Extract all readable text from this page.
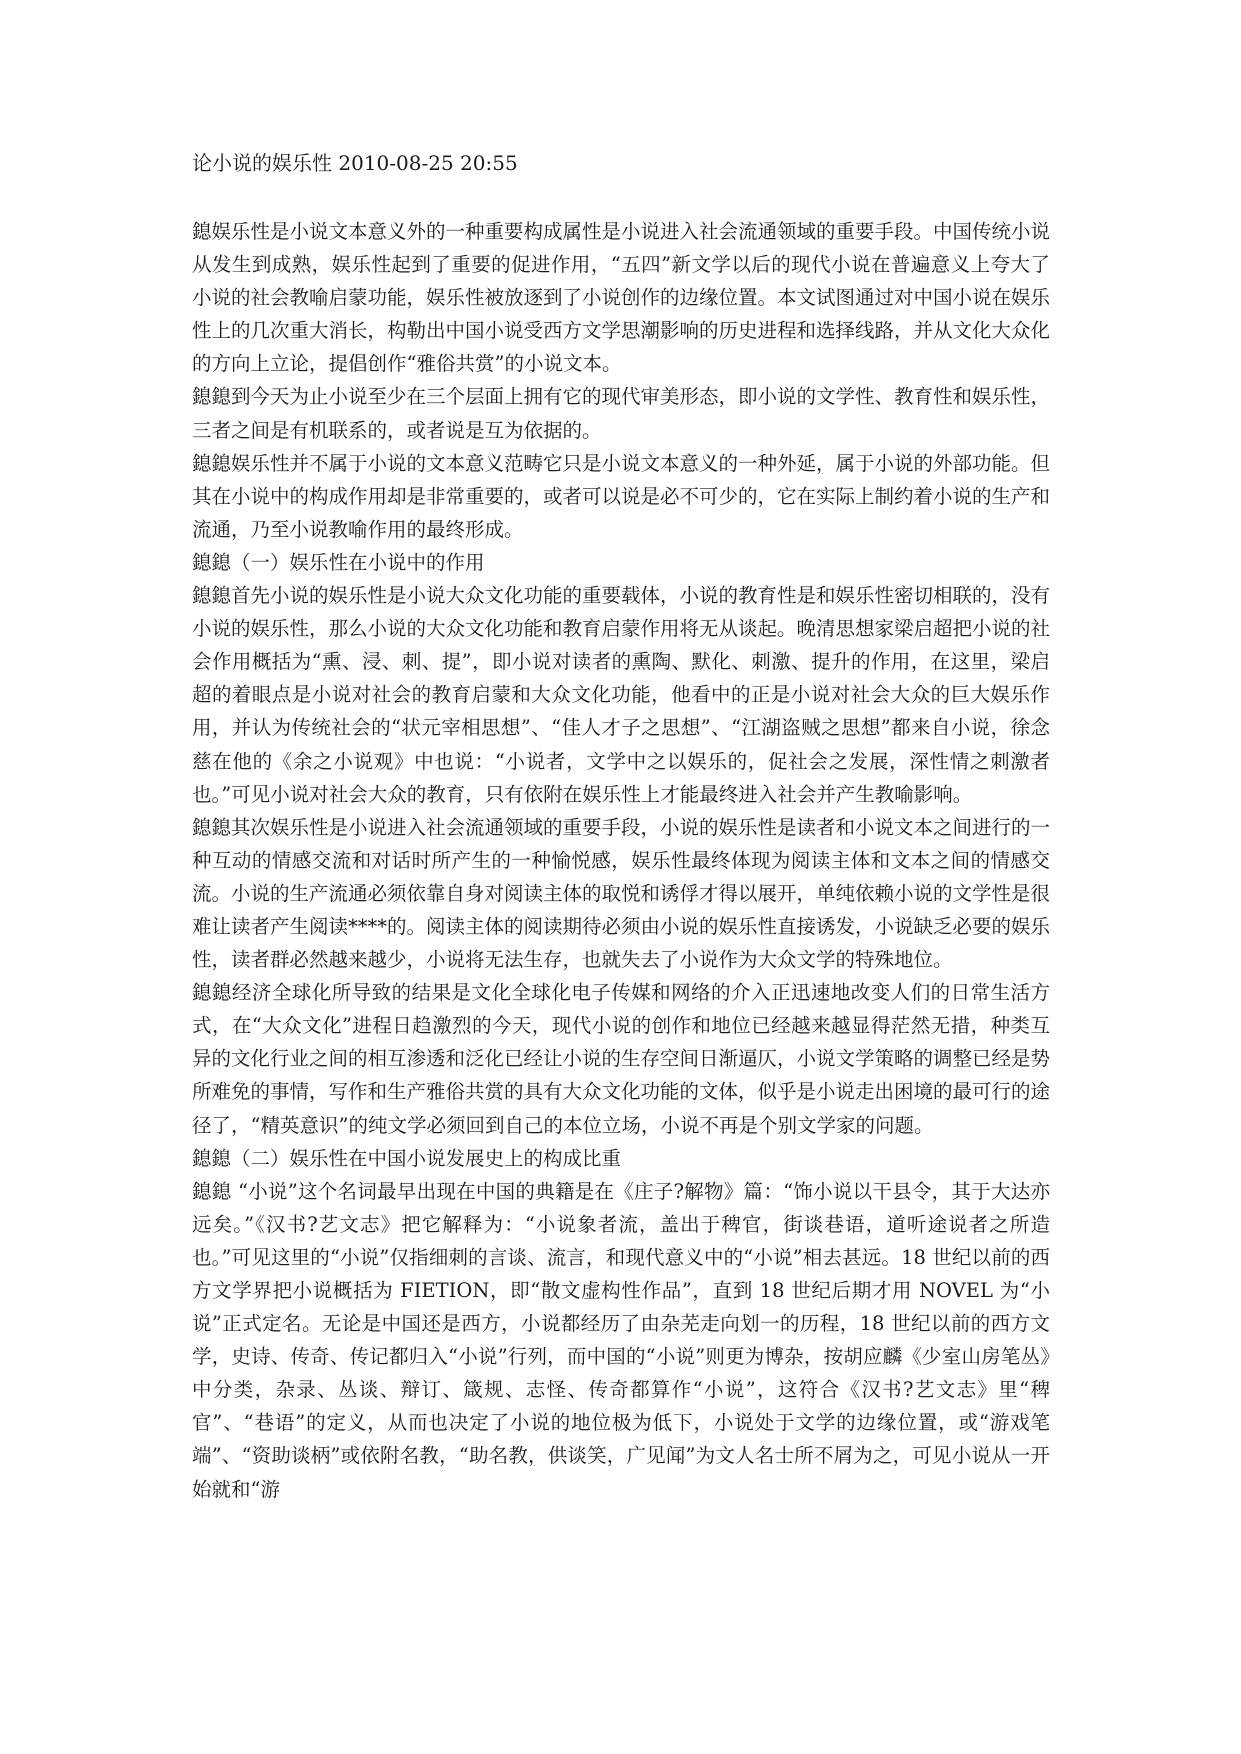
论小说的娱乐性 2010-08-25 20:55

鎴娱乐性是小说文本意义外的一种重要构成属性是小说进入社会流通领域的重要手段。中国传统小说从发生到成熟，娱乐性起到了重要的促进作用，“五四”新文学以后的现代小说在普遍意义上夸大了小说的社会教喻启蒙功能，娱乐性被放逐到了小说创作的边缘位置。本文试图通过对中国小说在娱乐性上的几次重大消长，构勒出中国小说受西方文学思潮影响的历史进程和选择线路，并从文化大众化的方向上立论，提倡创作“雅俗共赏”的小说文本。

鎴鎴到今天为止小说至少在三个层面上拥有它的现代审美形态，即小说的文学性、教育性和娱乐性，三者之间是有机联系的，或者说是互为依据的。

鎴鎴娱乐性并不属于小说的文本意义范畴它只是小说文本意义的一种外延，属于小说的外部功能。但其在小说中的构成作用却是非常重要的，或者可以说是必不可少的，它在实际上制约着小说的生产和流通，乃至小说教喻作用的最终形成。

鎴鎴（一）娱乐性在小说中的作用

鎴鎴首先小说的娱乐性是小说大众文化功能的重要载体，小说的教育性是和娱乐性密切相联的，没有小说的娱乐性，那么小说的大众文化功能和教育启蒙作用将无从谈起。晚清思想家梁启超把小说的社会作用概括为“熏、浸、刺、提”，即小说对读者的熏陶、默化、刺激、提升的作用，在这里，梁启超的着眼点是小说对社会的教育启蒙和大众文化功能，他看中的正是小说对社会大众的巨大娱乐作用，并认为传统社会的“状元宰相思想”、“佳人才子之思想”、“江湖盗贼之思想”都来自小说，徐念慈在他的《余之小说观》中也说：“小说者，文学中之以娱乐的，促社会之发展，深性情之刺激者也。”可见小说对社会大众的教育，只有依附在娱乐性上才能最终进入社会并产生教喻影响。

鎴鎴其次娱乐性是小说进入社会流通领域的重要手段，小说的娱乐性是读者和小说文本之间进行的一种互动的情感交流和对话时所产生的一种愉悦感，娱乐性最终体现为阅读主体和文本之间的情感交流。小说的生产流通必须依靠自身对阅读主体的取悦和诱俘才得以展开，单纯依赖小说的文学性是很难让读者产生阅读****的。阅读主体的阅读期待必须由小说的娱乐性直接诱发，小说缺乏必要的娱乐性，读者群必然越来越少，小说将无法生存，也就失去了小说作为大众文学的特殊地位。

鎴鎴经济全球化所导致的结果是文化全球化电子传媒和网络的介入正迅速地改变人们的日常生活方式，在“大众文化”进程日趋激烈的今天，现代小说的创作和地位已经越来越显得茫然无措，种类互异的文化行业之间的相互渗透和泛化已经让小说的生存空间日渐逼仄，小说文学策略的调整已经是势所难免的事情，写作和生产雅俗共赏的具有大众文化功能的文体，似乎是小说走出困境的最可行的途径了，“精英意识”的纯文学必须回到自己的本位立场，小说不再是个别文学家的问题。

鎴鎴（二）娱乐性在中国小说发展史上的构成比重

鎴鎴 “小说”这个名词最早出现在中国的典籍是在《庄子?解物》篇：“饰小说以干县令，其于大达亦远矣。”《汉书?艺文志》把它解释为：“小说象者流，盖出于稗官，街谈巷语，道听途说者之所造也。”可见这里的“小说”仅指细刺的言谈、流言，和现代意义中的“小说”相去甚远。18 世纪以前的西方文学界把小说概括为 FIETION，即“散文虚构性作品”，直到 18 世纪后期才用 NOVEL 为“小说”正式定名。无论是中国还是西方，小说都经历了由杂芜走向划一的历程，18 世纪以前的西方文学，史诗、传奇、传记都归入“小说”行列，而中国的“小说”则更为博杂，按胡应麟《少室山房笔丛》中分类，杂录、丛谈、辩订、箴规、志怪、传奇都算作“小说”，这符合《汉书?艺文志》里“稗官”、“巷语”的定义，从而也决定了小说的地位极为低下，小说处于文学的边缘位置，或“游戏笔端”、“资助谈柄”或依附名教，“助名教，供谈笑，广见闻”为文人名士所不屑为之，可见小说从一开始就和“游
